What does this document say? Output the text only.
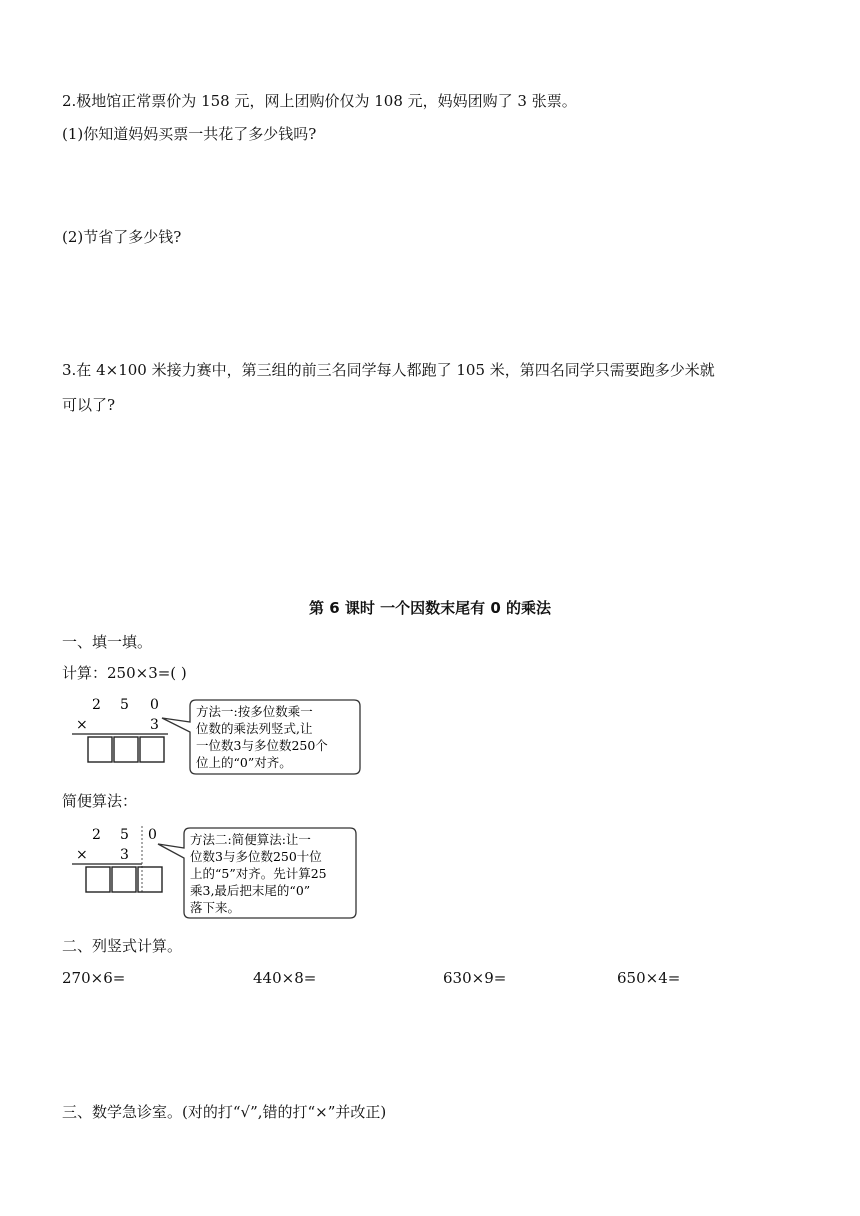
2.极地馆正常票价为 158 元，网上团购价仅为 108 元，妈妈团购了 3 张票。
(1)你知道妈妈买票一共花了多少钱吗?
(2)节省了多少钱?
3.在 4×100 米接力赛中，第三组的前三名同学每人都跑了 105 米，第四名同学只需要跑多少米就
可以了?
第 6 课时 一个因数末尾有 0 的乘法
一、填一填。
计算：250×3=( )
2 5 0
×	3
方法一:按多位数乘一
位数的乘法列竖式,让
一位数3与多位数250个
位上的“0”对齐。
简便算法：
2 5 0
× 3
方法二:简便算法:让一
位数3与多位数250十位
上的“5”对齐。先计算25
乘3,最后把末尾的“0”
落下来。
二、列竖式计算。
270×6=	440×8=	630×9=	650×4=
三、数学急诊室。(对的打“√”,错的打“×”并改正)
